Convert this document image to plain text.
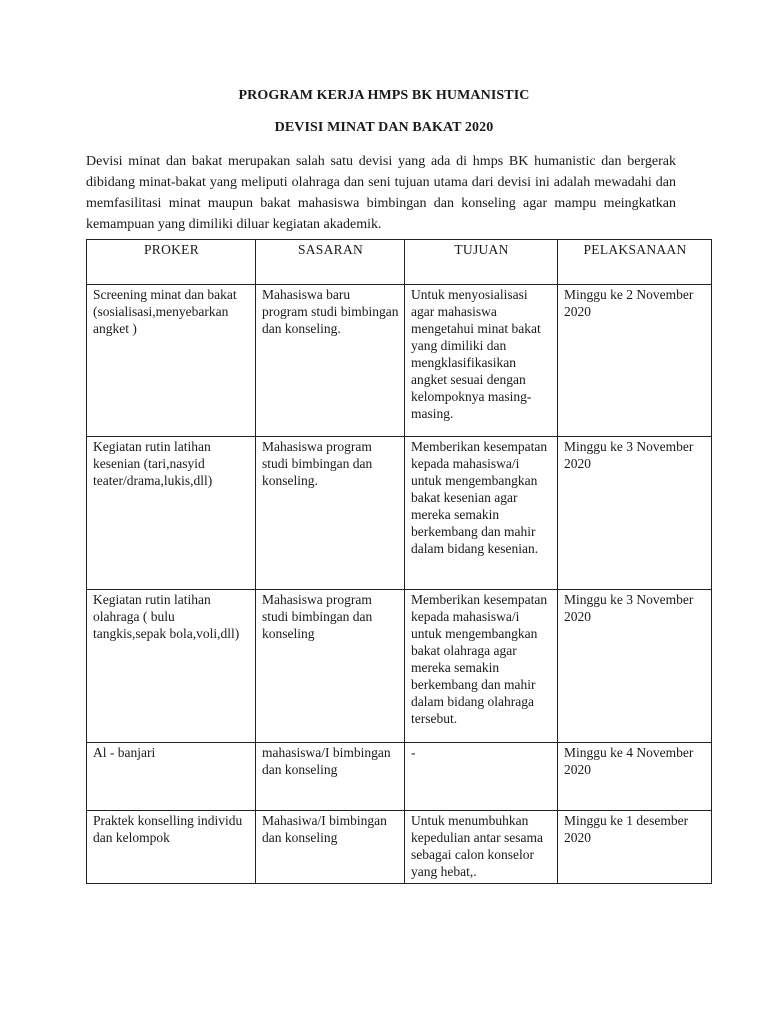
PROGRAM KERJA HMPS BK HUMANISTIC
DEVISI MINAT DAN BAKAT 2020

Devisi minat dan bakat merupakan salah satu devisi yang ada di hmps BK humanistic dan bergerak dibidang minat-bakat yang meliputi olahraga dan seni tujuan utama dari devisi ini adalah mewadahi dan memfasilitasi minat maupun bakat mahasiswa bimbingan dan konseling agar mampu meingkatkan kemampuan yang dimiliki diluar kegiatan akademik.

PROKER	SASARAN	TUJUAN	PELAKSANAAN
Screening minat dan bakat (sosialisasi,menyebarkan angket )	Mahasiswa baru program studi bimbingan dan konseling.	Untuk menyosialisasi agar mahasiswa mengetahui minat bakat yang dimiliki dan mengklasifikasikan angket sesuai dengan kelompoknya masing-masing.	Minggu ke 2 November 2020
Kegiatan rutin latihan kesenian (tari,nasyid teater/drama,lukis,dll)	Mahasiswa program studi bimbingan dan konseling.	Memberikan kesempatan kepada mahasiswa/i untuk mengembangkan bakat kesenian agar mereka semakin berkembang dan mahir dalam bidang kesenian.	Minggu ke 3 November 2020
Kegiatan rutin latihan olahraga ( bulu tangkis,sepak bola,voli,dll)	Mahasiswa program studi bimbingan dan konseling	Memberikan kesempatan kepada mahasiswa/i untuk mengembangkan bakat olahraga agar mereka semakin berkembang dan mahir dalam bidang olahraga tersebut.	Minggu ke 3 November 2020
Al - banjari	mahasiswa/I bimbingan dan konseling	-	Minggu ke 4 November 2020
Praktek konselling individu dan kelompok	Mahasiwa/I bimbingan dan konseling	Untuk menumbuhkan kepedulian antar sesama sebagai calon konselor yang hebat,.	Minggu ke 1 desember 2020
